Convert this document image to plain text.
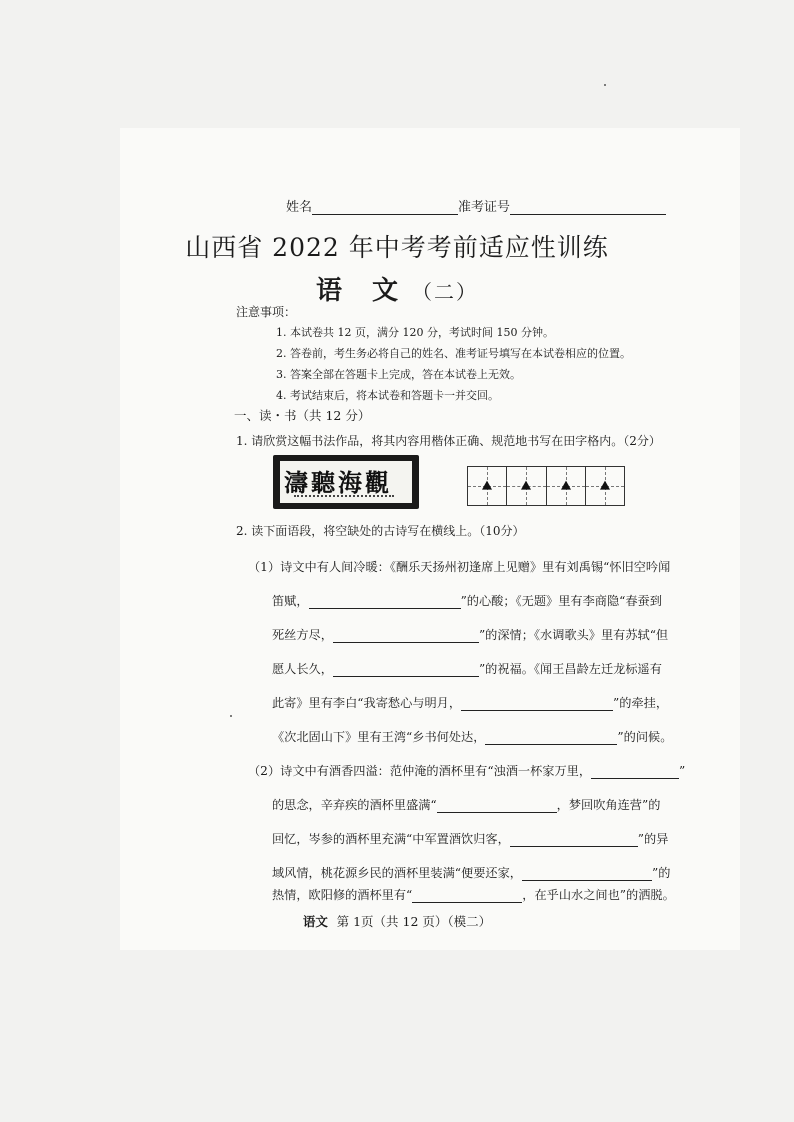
姓名	准考证号
山西省 2022 年中考考前适应性训练
语　文 （二）
注意事项：
1. 本试卷共 12 页，满分 120 分，考试时间 150 分钟。
2. 答卷前，考生务必将自己的姓名、准考证号填写在本试卷相应的位置。
3. 答案全部在答题卡上完成，答在本试卷上无效。
4. 考试结束后，将本试卷和答题卡一并交回。
一、读・书（共 12 分）
1. 请欣赏这幅书法作品，将其内容用楷体正确、规范地书写在田字格内。（2分）
濤聽海觀
2. 读下面语段，将空缺处的古诗写在横线上。（10分）
（1）诗文中有人间冷暖：《酬乐天扬州初逢席上见赠》里有刘禹锡“怀旧空吟闻
笛赋，	”的心酸；《无题》里有李商隐“春蚕到
死丝方尽，	”的深情；《水调歌头》里有苏轼“但
愿人长久，	”的祝福。《闻王昌龄左迁龙标遥有
此寄》里有李白“我寄愁心与明月，	”的牵挂，
《次北固山下》里有王湾“乡书何处达，	”的问候。
（2）诗文中有酒香四溢：范仲淹的酒杯里有“浊酒一杯家万里，	”
的思念，辛弃疾的酒杯里盛满“	，梦回吹角连营”的
回忆，岑参的酒杯里充满“中军置酒饮归客，	”的异
域风情，桃花源乡民的酒杯里装满“便要还家，	”的
热情，欧阳修的酒杯里有“	，在乎山水之间也”的洒脱。
语文 第 1页（共 12 页）（模二）
